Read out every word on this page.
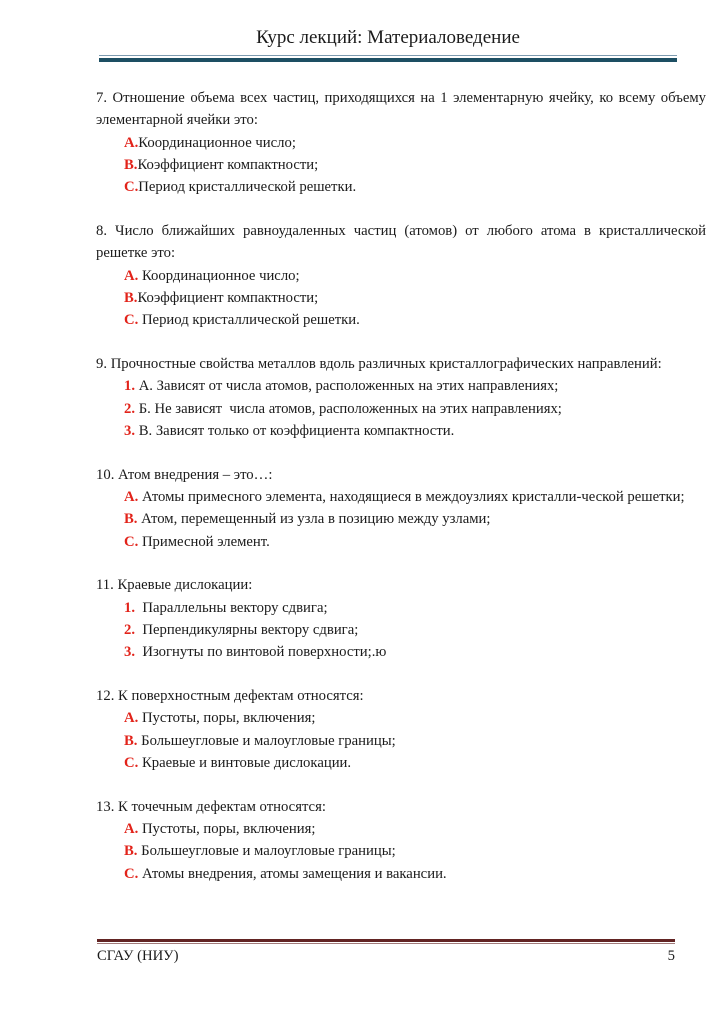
Курс лекций: Материаловедение

7. Отношение объема всех частиц, приходящихся на 1 элементарную ячейку, ко всему объему элементарной ячейки это:

A.Координационное число;
B.Коэффициент компактности;
C.Период кристаллической решетки.

8. Число ближайших равноудаленных частиц (атомов) от любого атома в кристаллической решетке это:

A. Координационное число;
B.Коэффициент компактности;
C. Период кристаллической решетки.

9. Прочностные свойства металлов вдоль различных кристаллографических направлений:

1. А. Зависят от числа атомов, расположенных на этих направлениях;
2. Б. Не зависят  числа атомов, расположенных на этих направлениях;
3. В. Зависят только от коэффициента компактности.

10. Атом внедрения – это…:

A. Атомы примесного элемента, находящиеся в междоузлиях кристалли-ческой решетки;
B. Атом, перемещенный из узла в позицию между узлами;
C. Примесной элемент.

11. Краевые дислокации:

1.  Параллельны вектору сдвига;
2.  Перпендикулярны вектору сдвига;
3.  Изогнуты по винтовой поверхности;.ю

12. К поверхностным дефектам относятся:

A. Пустоты, поры, включения;
B. Большеугловые и малоугловые границы;
C. Краевые и винтовые дислокации.

13. К точечным дефектам относятся:

A. Пустоты, поры, включения;
B. Большеугловые и малоугловые границы;
C. Атомы внедрения, атомы замещения и вакансии.
СГАУ (НИУ)	5
